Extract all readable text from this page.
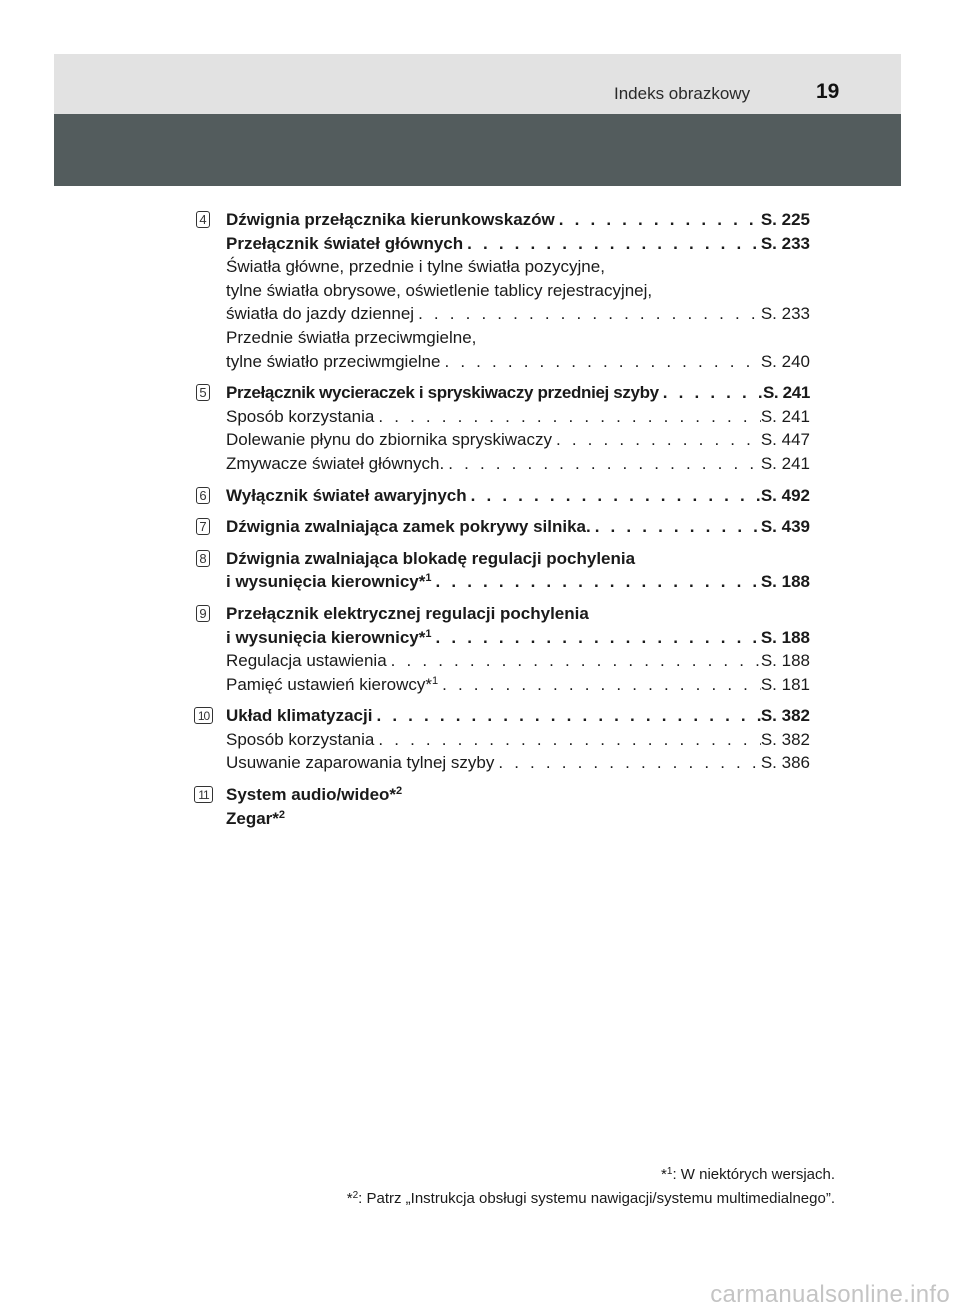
Indeks obrazkowy	19
4 Dźwignia przełącznika kierunkowskazów . . .	S. 225
Przełącznik świateł głównych . . .	S. 233
Światła główne, przednie i tylne światła pozycyjne,
tylne światła obrysowe, oświetlenie tablicy rejestracyjnej,
światła do jazdy dziennej . . .	S. 233
Przednie światła przeciwmgielne,
tylne światło przeciwmgielne . . .	S. 240
5 Przełącznik wycieraczek i spryskiwaczy przedniej szyby . . .	S. 241
Sposób korzystania . . .	S. 241
Dolewanie płynu do zbiornika spryskiwaczy . . .	S. 447
Zmywacze świateł głównych. . . .	S. 241
6 Wyłącznik świateł awaryjnych . . .	S. 492
7 Dźwignia zwalniająca zamek pokrywy silnika. . . .	S. 439
8 Dźwignia zwalniająca blokadę regulacji pochylenia
i wysunięcia kierownicy*$^1$ . . .	S. 188
9 Przełącznik elektrycznej regulacji pochylenia
i wysunięcia kierownicy*$^1$ . . .	S. 188
Regulacja ustawienia . . .	S. 188
Pamięć ustawień kierowcy*$^1$ . . .	S. 181
10 Układ klimatyzacji . . .	S. 382
Sposób korzystania . . .	S. 382
Usuwanie zaparowania tylnej szyby . . .	S. 386
11 System audio/wideo*$^2$
Zegar*$^2$
*$^1$: W niektórych wersjach.
*$^2$: Patrz „Instrukcja obsługi systemu nawigacji/systemu multimedialnego”.
carmanualsonline.info
